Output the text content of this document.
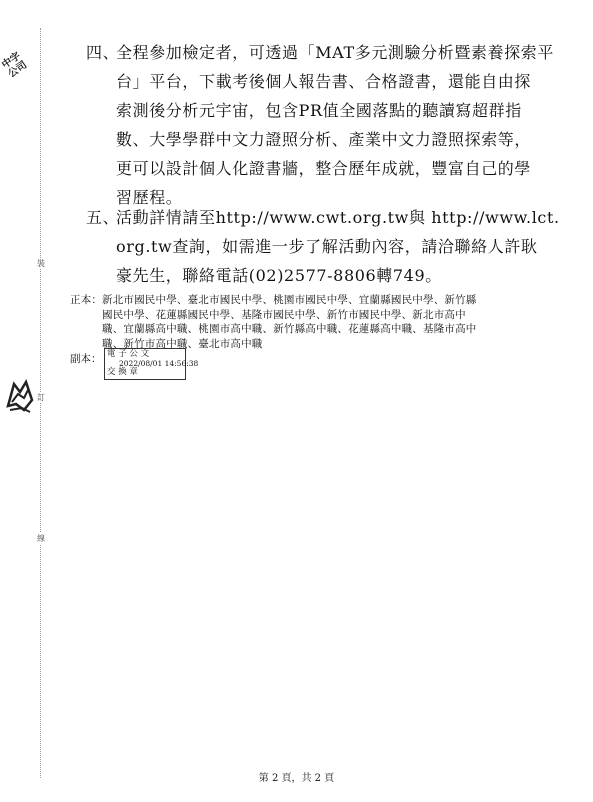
裝
訂
線
中字公司
四、
全程參加檢定者，可透過「MAT多元測驗分析暨素養探索平
台」平台，下載考後個人報告書、合格證書，還能自由探
索測後分析元宇宙，包含PR值全國落點的聽讀寫超群指
數、大學學群中文力證照分析、產業中文力證照探索等，
更可以設計個人化證書牆，整合歷年成就，豐富自己的學
習歷程。
五、
活動詳情請至http://www.cwt.org.tw與 http://www.lct.
org.tw查詢，如需進一步了解活動內容，請洽聯絡人許耿
豪先生，聯絡電話(02)2577-8806轉749。
正本： 新北市國民中學、臺北市國民中學、桃園市國民中學、宜蘭縣國民中學、新竹縣
國民中學、花蓮縣國民中學、基隆市國民中學、新竹市國民中學、新北市高中
職、宜蘭縣高中職、桃園市高中職、新竹縣高中職、花蓮縣高中職、基隆市高中
職、新竹市高中職、臺北市高中職
副本： 電 子 公 文
2022/08/01 14:56:38
交 換 章
第 2 頁，共 2 頁
